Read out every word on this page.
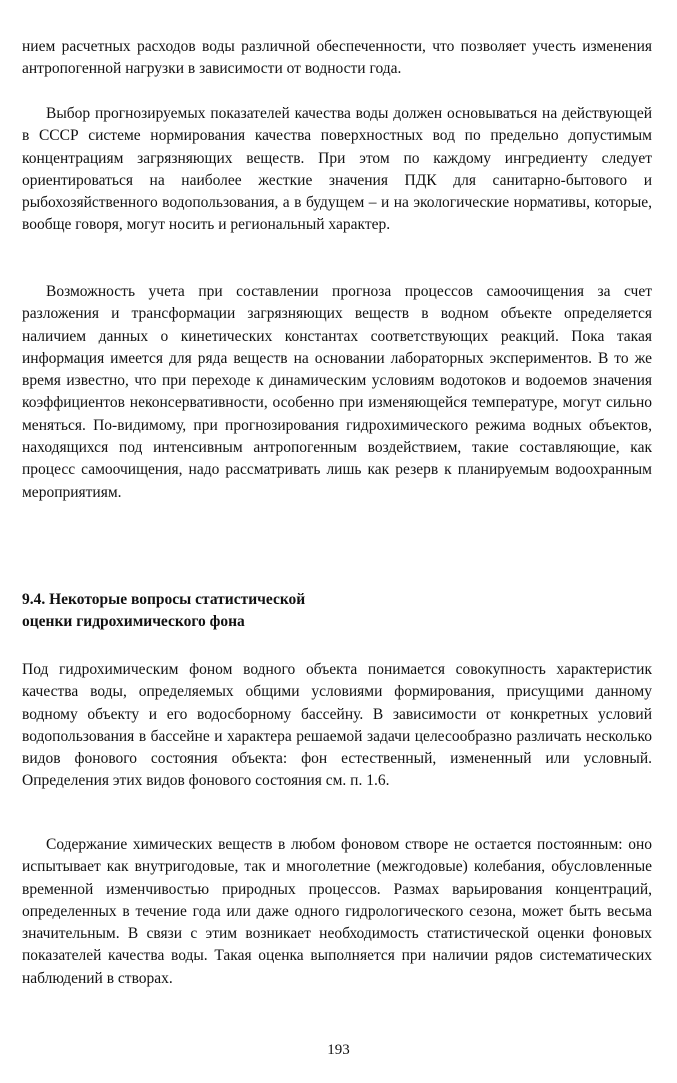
нием расчетных расходов воды различной обеспеченности, что позволяет учесть изменения антропогенной нагрузки в зависимости от водности года.

Выбор прогнозируемых показателей качества воды должен основываться на действующей в СССР системе нормирования качества поверхностных вод по предельно допустимым концентрациям загрязняющих веществ. При этом по каждому ингредиенту следует ориентироваться на наиболее жесткие значения ПДК для санитарно-бытового и рыбохозяйственного водопользования, а в будущем – и на экологические нормативы, которые, вообще говоря, могут носить и региональный характер.

Возможность учета при составлении прогноза процессов самоочищения за счет разложения и трансформации загрязняющих веществ в водном объекте определяется наличием данных о кинетических константах соответствующих реакций. Пока такая информация имеется для ряда веществ на основании лабораторных экспериментов. В то же время известно, что при переходе к динамическим условиям водотоков и водоемов значения коэффициентов неконсервативности, особенно при изменяющейся температуре, могут сильно меняться. По-видимому, при прогнозирования гидрохимического режима водных объектов, находящихся под интенсивным антропогенным воздействием, такие составляющие, как процесс самоочищения, надо рассматривать лишь как резерв к планируемым водоохранным мероприятиям.

9.4. Некоторые вопросы статистической
оценки гидрохимического фона

Под гидрохимическим фоном водного объекта понимается совокупность характеристик качества воды, определяемых общими условиями формирования, присущими данному водному объекту и его водосборному бассейну. В зависимости от конкретных условий водопользования в бассейне и характера решаемой задачи целесообразно различать несколько видов фонового состояния объекта: фон естественный, измененный или условный. Определения этих видов фонового состояния см. п. 1.6.

Содержание химических веществ в любом фоновом створе не остается постоянным: оно испытывает как внутригодовые, так и многолетние (межгодовые) колебания, обусловленные временной изменчивостью природных процессов. Размах варьирования концентраций, определенных в течение года или даже одного гидрологического сезона, может быть весьма значительным. В связи с этим возникает необходимость статистической оценки фоновых показателей качества воды. Такая оценка выполняется при наличии рядов систематических наблюдений в створах.

193
